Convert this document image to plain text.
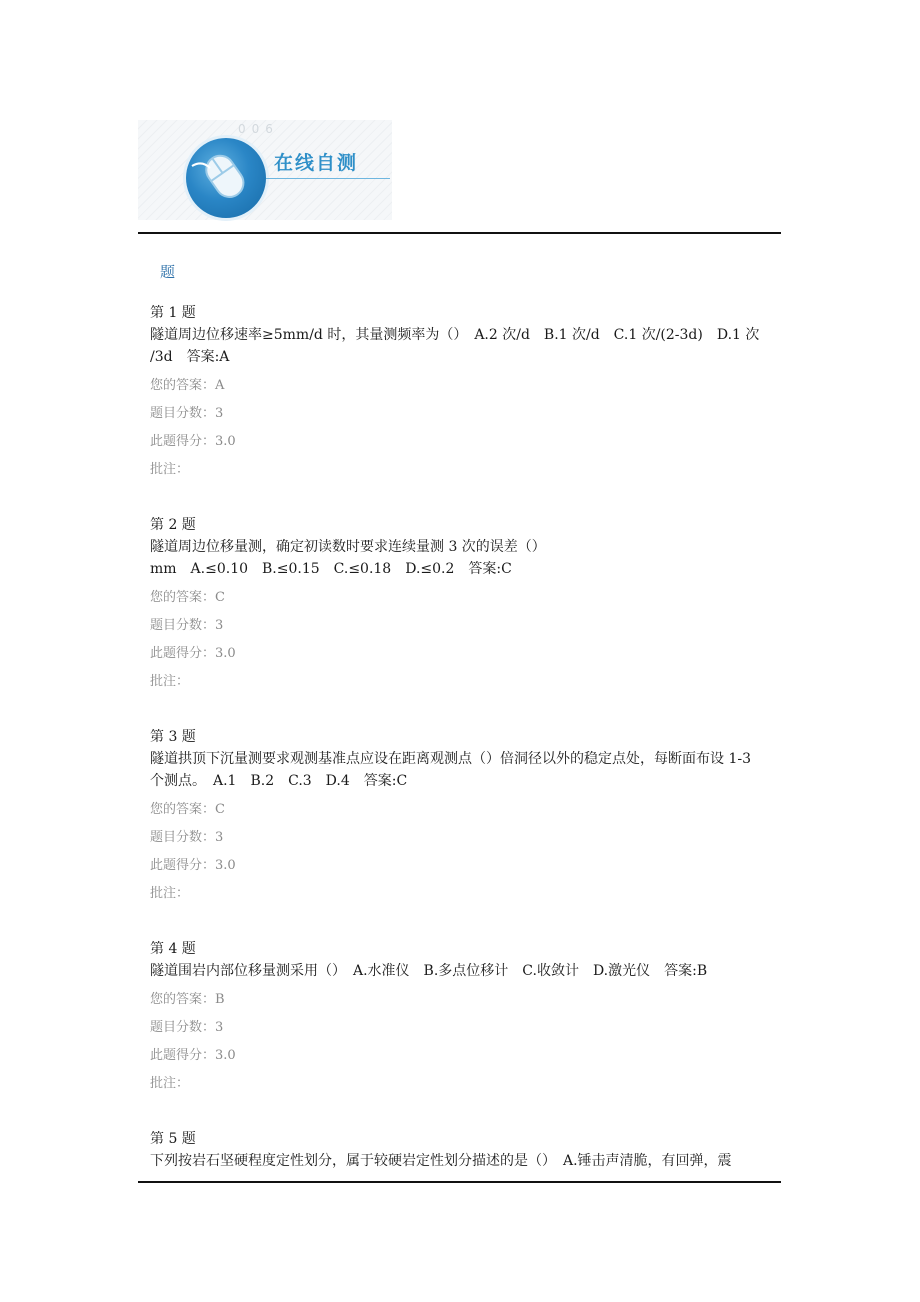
006
在线自测
题
第 1 题
隧道周边位移速率≥5mm/d 时，其量测频率为（）　A.2 次/d　B.1 次/d　C.1 次/(2-3d)　D.1 次
/3d　答案:A
您的答案：A
题目分数：3
此题得分：3.0
批注：
第 2 题
隧道周边位移量测，确定初读数时要求连续量测 3 次的误差（）
mm　A.≤0.10　B.≤0.15　C.≤0.18　D.≤0.2　答案:C
您的答案：C
题目分数：3
此题得分：3.0
批注：
第 3 题
隧道拱顶下沉量测要求观测基准点应设在距离观测点（）倍洞径以外的稳定点处，每断面布设 1-3
个测点。　A.1　B.2　C.3　D.4　答案:C
您的答案：C
题目分数：3
此题得分：3.0
批注：
第 4 题
隧道围岩内部位移量测采用（）　A.水准仪　B.多点位移计　C.收敛计　D.激光仪　答案:B
您的答案：B
题目分数：3
此题得分：3.0
批注：
第 5 题
下列按岩石坚硬程度定性划分，属于较硬岩定性划分描述的是（）　A.锤击声清脆，有回弹，震
